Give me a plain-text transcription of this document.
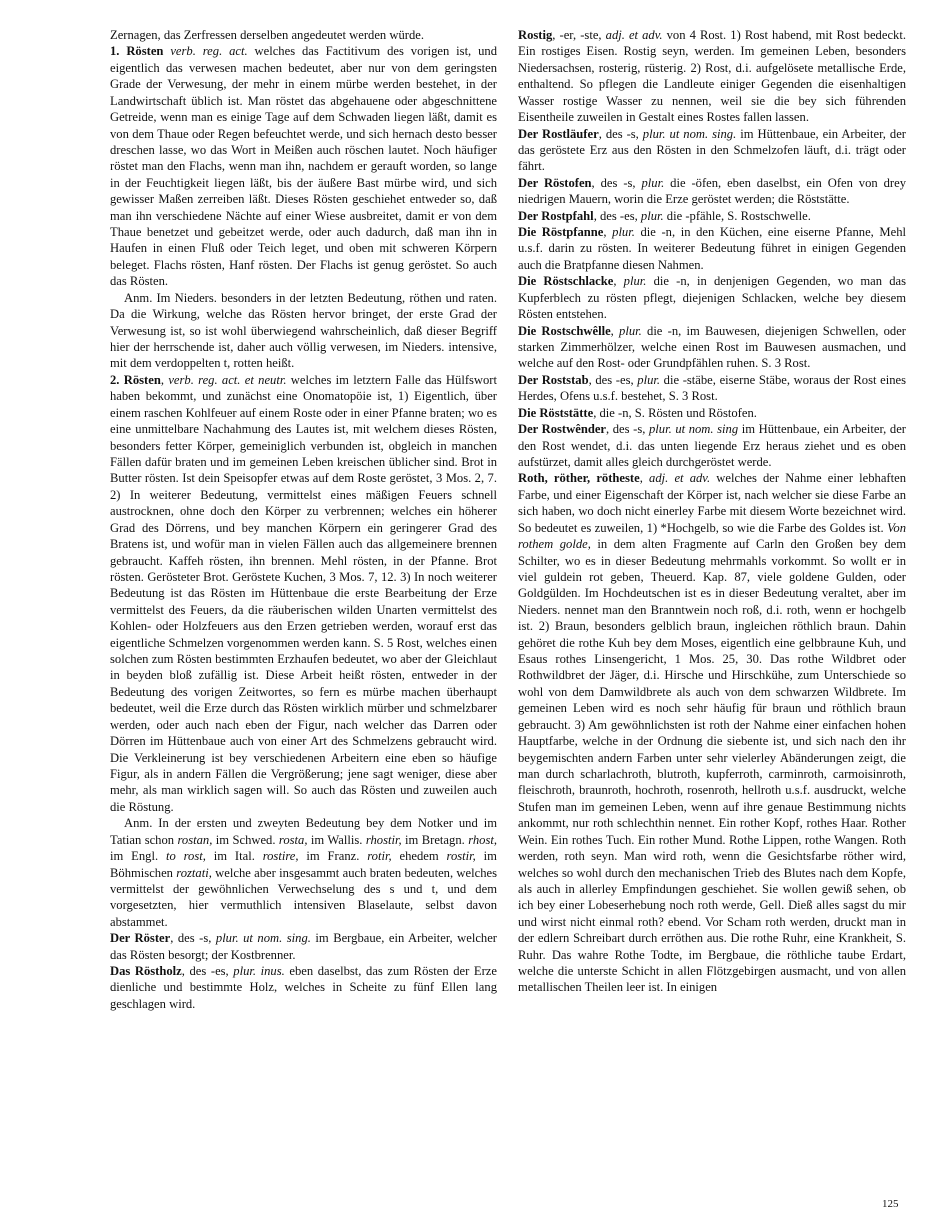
Zernagen, das Zerfressen derselben angedeutet werden würde.

1. Rösten verb. reg. act. welches das Factitivum des vorigen ist, und eigentlich das verwesen machen bedeutet, aber nur von dem geringsten Grade der Verwesung, der mehr in einem mürbe werden bestehet, in der Landwirtschaft üblich ist. Man röstet das abgehauene oder abgeschnittene Getreide, wenn man es einige Tage auf dem Schwaden liegen läßt, damit es von dem Thaue oder Regen befeuchtet werde, und sich hernach desto besser dreschen lasse, wo das Wort in Meißen auch röschen lautet. Noch häufiger röstet man den Flachs, wenn man ihn, nachdem er gerauft worden, so lange in der Feuchtigkeit liegen läßt, bis der äußere Bast mürbe wird, und sich gewisser Maßen zerreiben läßt. Dieses Rösten geschiehet entweder so, daß man ihn verschiedene Nächte auf einer Wiese ausbreitet, damit er von dem Thaue benetzet und gebeitzet werde, oder auch dadurch, daß man ihn in Haufen in einen Fluß oder Teich leget, und oben mit schweren Körpern beleget. Flachs rösten, Hanf rösten. Der Flachs ist genug geröstet. So auch das Rösten.

Anm. Im Nieders. besonders in der letzten Bedeutung, röthen und raten. Da die Wirkung, welche das Rösten hervor bringet, der erste Grad der Verwesung ist, so ist wohl überwiegend wahrscheinlich, daß dieser Begriff hier der herrschende ist, daher auch völlig verwesen, im Nieders. intensive, mit dem verdoppelten t, rotten heißt.

2. Rösten, verb. reg. act. et neutr. welches im letztern Falle das Hülfswort haben bekommt, und zunächst eine Onomatopöie ist, 1) Eigentlich, über einem raschen Kohlfeuer auf einem Roste oder in einer Pfanne braten; wo es eine unmittelbare Nachahmung des Lautes ist, mit welchem dieses Rösten, besonders fetter Körper, gemeiniglich verbunden ist, obgleich in manchen Fällen dafür braten und im gemeinen Leben kreischen üblicher sind. Brot in Butter rösten. Ist dein Speisopfer etwas auf dem Roste geröstet, 3 Mos. 2, 7. 2) In weiterer Bedeutung, vermittelst eines mäßigen Feuers schnell austrocknen, ohne doch den Körper zu verbrennen; welches ein höherer Grad des Dörrens, und bey manchen Körpern ein geringerer Grad des Bratens ist, und wofür man in vielen Fällen auch das allgemeinere brennen gebraucht. Kaffeh rösten, ihn brennen. Mehl rösten, in der Pfanne. Brot rösten. Gerösteter Brot. Geröstete Kuchen, 3 Mos. 7, 12. 3) In noch weiterer Bedeutung ist das Rösten im Hüttenbaue die erste Bearbeitung der Erze vermittelst des Feuers, da die räuberischen wilden Unarten vermittelst des Kohlen- oder Holzfeuers aus den Erzen getrieben werden, worauf erst das eigentliche Schmelzen vorgenommen werden kann. S. 5 Rost, welches einen solchen zum Rösten bestimmten Erzhaufen bedeutet, wo aber der Gleichlaut in beyden bloß zufällig ist. Diese Arbeit heißt rösten, entweder in der Bedeutung des vorigen Zeitwortes, so fern es mürbe machen überhaupt bedeutet, weil die Erze durch das Rösten wirklich mürber und schmelzbarer werden, oder auch nach eben der Figur, nach welcher das Darren oder Dörren im Hüttenbaue auch von einer Art des Schmelzens gebraucht wird. Die Verkleinerung ist bey verschiedenen Arbeitern eine eben so häufige Figur, als in andern Fällen die Vergrößerung; jene sagt weniger, diese aber mehr, als man wirklich sagen will. So auch das Rösten und zuweilen auch die Röstung.

Anm. In der ersten und zweyten Bedeutung bey dem Notker und im Tatian schon rostan, im Schwed. rosta, im Wallis. rhostir, im Bretagn. rhost, im Engl. to rost, im Ital. rostire, im Franz. rotir, ehedem rostir, im Böhmischen roztati, welche aber insgesammt auch braten bedeuten, welches vermittelst der gewöhnlichen Verwechselung des s und t, und dem vorgesetzten, hier vermuthlich intensiven Blaselaute, selbst davon abstammet.

Der Röster, des -s, plur. ut nom. sing. im Bergbaue, ein Arbeiter, welcher das Rösten besorgt; der Kostbrenner.

Das Röstholz, des -es, plur. inus. eben daselbst, das zum Rösten der Erze dienliche und bestimmte Holz, welches in Scheite zu fünf Ellen lang geschlagen wird.

Rostig, -er, -ste, adj. et adv. von 4 Rost. 1) Rost habend, mit Rost bedeckt. Ein rostiges Eisen. Rostig seyn, werden. Im gemeinen Leben, besonders Niedersachsen, rosterig, rüsterig. 2) Rost, d.i. aufgelösete metallische Erde, enthaltend. So pflegen die Landleute einiger Gegenden die eisenhaltigen Wasser rostige Wasser zu nennen, weil sie die bey sich führenden Eisentheile zuweilen in Gestalt eines Rostes fallen lassen.

Der Rostläufer, des -s, plur. ut nom. sing. im Hüttenbaue, ein Arbeiter, der das geröstete Erz aus den Rösten in den Schmelzofen läuft, d.i. trägt oder fährt.

Der Röstofen, des -s, plur. die -öfen, eben daselbst, ein Ofen von drey niedrigen Mauern, worin die Erze geröstet werden; die Röststätte.

Der Rostpfahl, des -es, plur. die -pfähle, S. Rostschwelle.

Die Röstpfanne, plur. die -n, in den Küchen, eine eiserne Pfanne, Mehl u.s.f. darin zu rösten. In weiterer Bedeutung führet in einigen Gegenden auch die Bratpfanne diesen Nahmen.

Die Röstschlacke, plur. die -n, in denjenigen Gegenden, wo man das Kupferblech zu rösten pflegt, diejenigen Schlacken, welche bey diesem Rösten entstehen.

Die Rostschwêlle, plur. die -n, im Bauwesen, diejenigen Schwellen, oder starken Zimmerhölzer, welche einen Rost im Bauwesen ausmachen, und welche auf den Rost- oder Grundpfählen ruhen. S. 3 Rost.

Der Roststab, des -es, plur. die -stäbe, eiserne Stäbe, woraus der Rost eines Herdes, Ofens u.s.f. bestehet, S. 3 Rost.

Die Röststätte, die -n, S. Rösten und Röstofen.

Der Rostwênder, des -s, plur. ut nom. sing im Hüttenbaue, ein Arbeiter, der den Rost wendet, d.i. das unten liegende Erz heraus ziehet und es oben aufstürzet, damit alles gleich durchgeröstet werde.

Roth, röther, rötheste, adj. et adv. welches der Nahme einer lebhaften Farbe, und einer Eigenschaft der Körper ist, nach welcher sie diese Farbe an sich haben, wo doch nicht einerley Farbe mit diesem Worte bezeichnet wird. So bedeutet es zuweilen, 1) *Hochgelb, so wie die Farbe des Goldes ist. Von rothem golde, in dem alten Fragmente auf Carln den Großen bey dem Schilter, wo es in dieser Bedeutung mehrmahls vorkommt. So wollt er in viel guldein rot geben, Theuerd. Kap. 87, viele goldene Gulden, oder Goldgülden. Im Hochdeutschen ist es in dieser Bedeutung veraltet, aber im Nieders. nennet man den Branntwein noch roß, d.i. roth, wenn er hochgelb ist. 2) Braun, besonders gelblich braun, ingleichen röthlich braun. Dahin gehöret die rothe Kuh bey dem Moses, eigentlich eine gelbbraune Kuh, und Esaus rothes Linsengericht, 1 Mos. 25, 30. Das rothe Wildbret oder Rothwildbret der Jäger, d.i. Hirsche und Hirschkühe, zum Unterschiede so wohl von dem Damwildbrete als auch von dem schwarzen Wildbrete. Im gemeinen Leben wird es noch sehr häufig für braun und röthlich braun gebraucht. 3) Am gewöhnlichsten ist roth der Nahme einer einfachen hohen Hauptfarbe, welche in der Ordnung die siebente ist, und sich nach den ihr beygemischten andern Farben unter sehr vielerley Abänderungen zeigt, die man durch scharlachroth, blutroth, kupferroth, carminroth, carmoisinroth, fleischroth, braunroth, hochroth, rosenroth, hellroth u.s.f. ausdruckt, welche Stufen man im gemeinen Leben, wenn auf ihre genaue Bestimmung nichts ankommt, nur roth schlechthin nennet. Ein rother Kopf, rothes Haar. Rother Wein. Ein rothes Tuch. Ein rother Mund. Rothe Lippen, rothe Wangen. Roth werden, roth seyn. Man wird roth, wenn die Gesichtsfarbe röther wird, welches so wohl durch den mechanischen Trieb des Blutes nach dem Kopfe, als auch in allerley Empfindungen geschiehet. Sie wollen gewiß sehen, ob ich bey einer Lobeserhebung noch roth werde, Gell. Dieß alles sagst du mir und wirst nicht einmal roth? ebend. Vor Scham roth werden, druckt man in der edlern Schreibart durch erröthen aus. Die rothe Ruhr, eine Krankheit, S. Ruhr. Das wahre Rothe Todte, im Bergbaue, die röthliche taube Erdart, welche die unterste Schicht in allen Flötzgebirgen ausmacht, und von allen metallischen Theilen leer ist. In einigen

125
